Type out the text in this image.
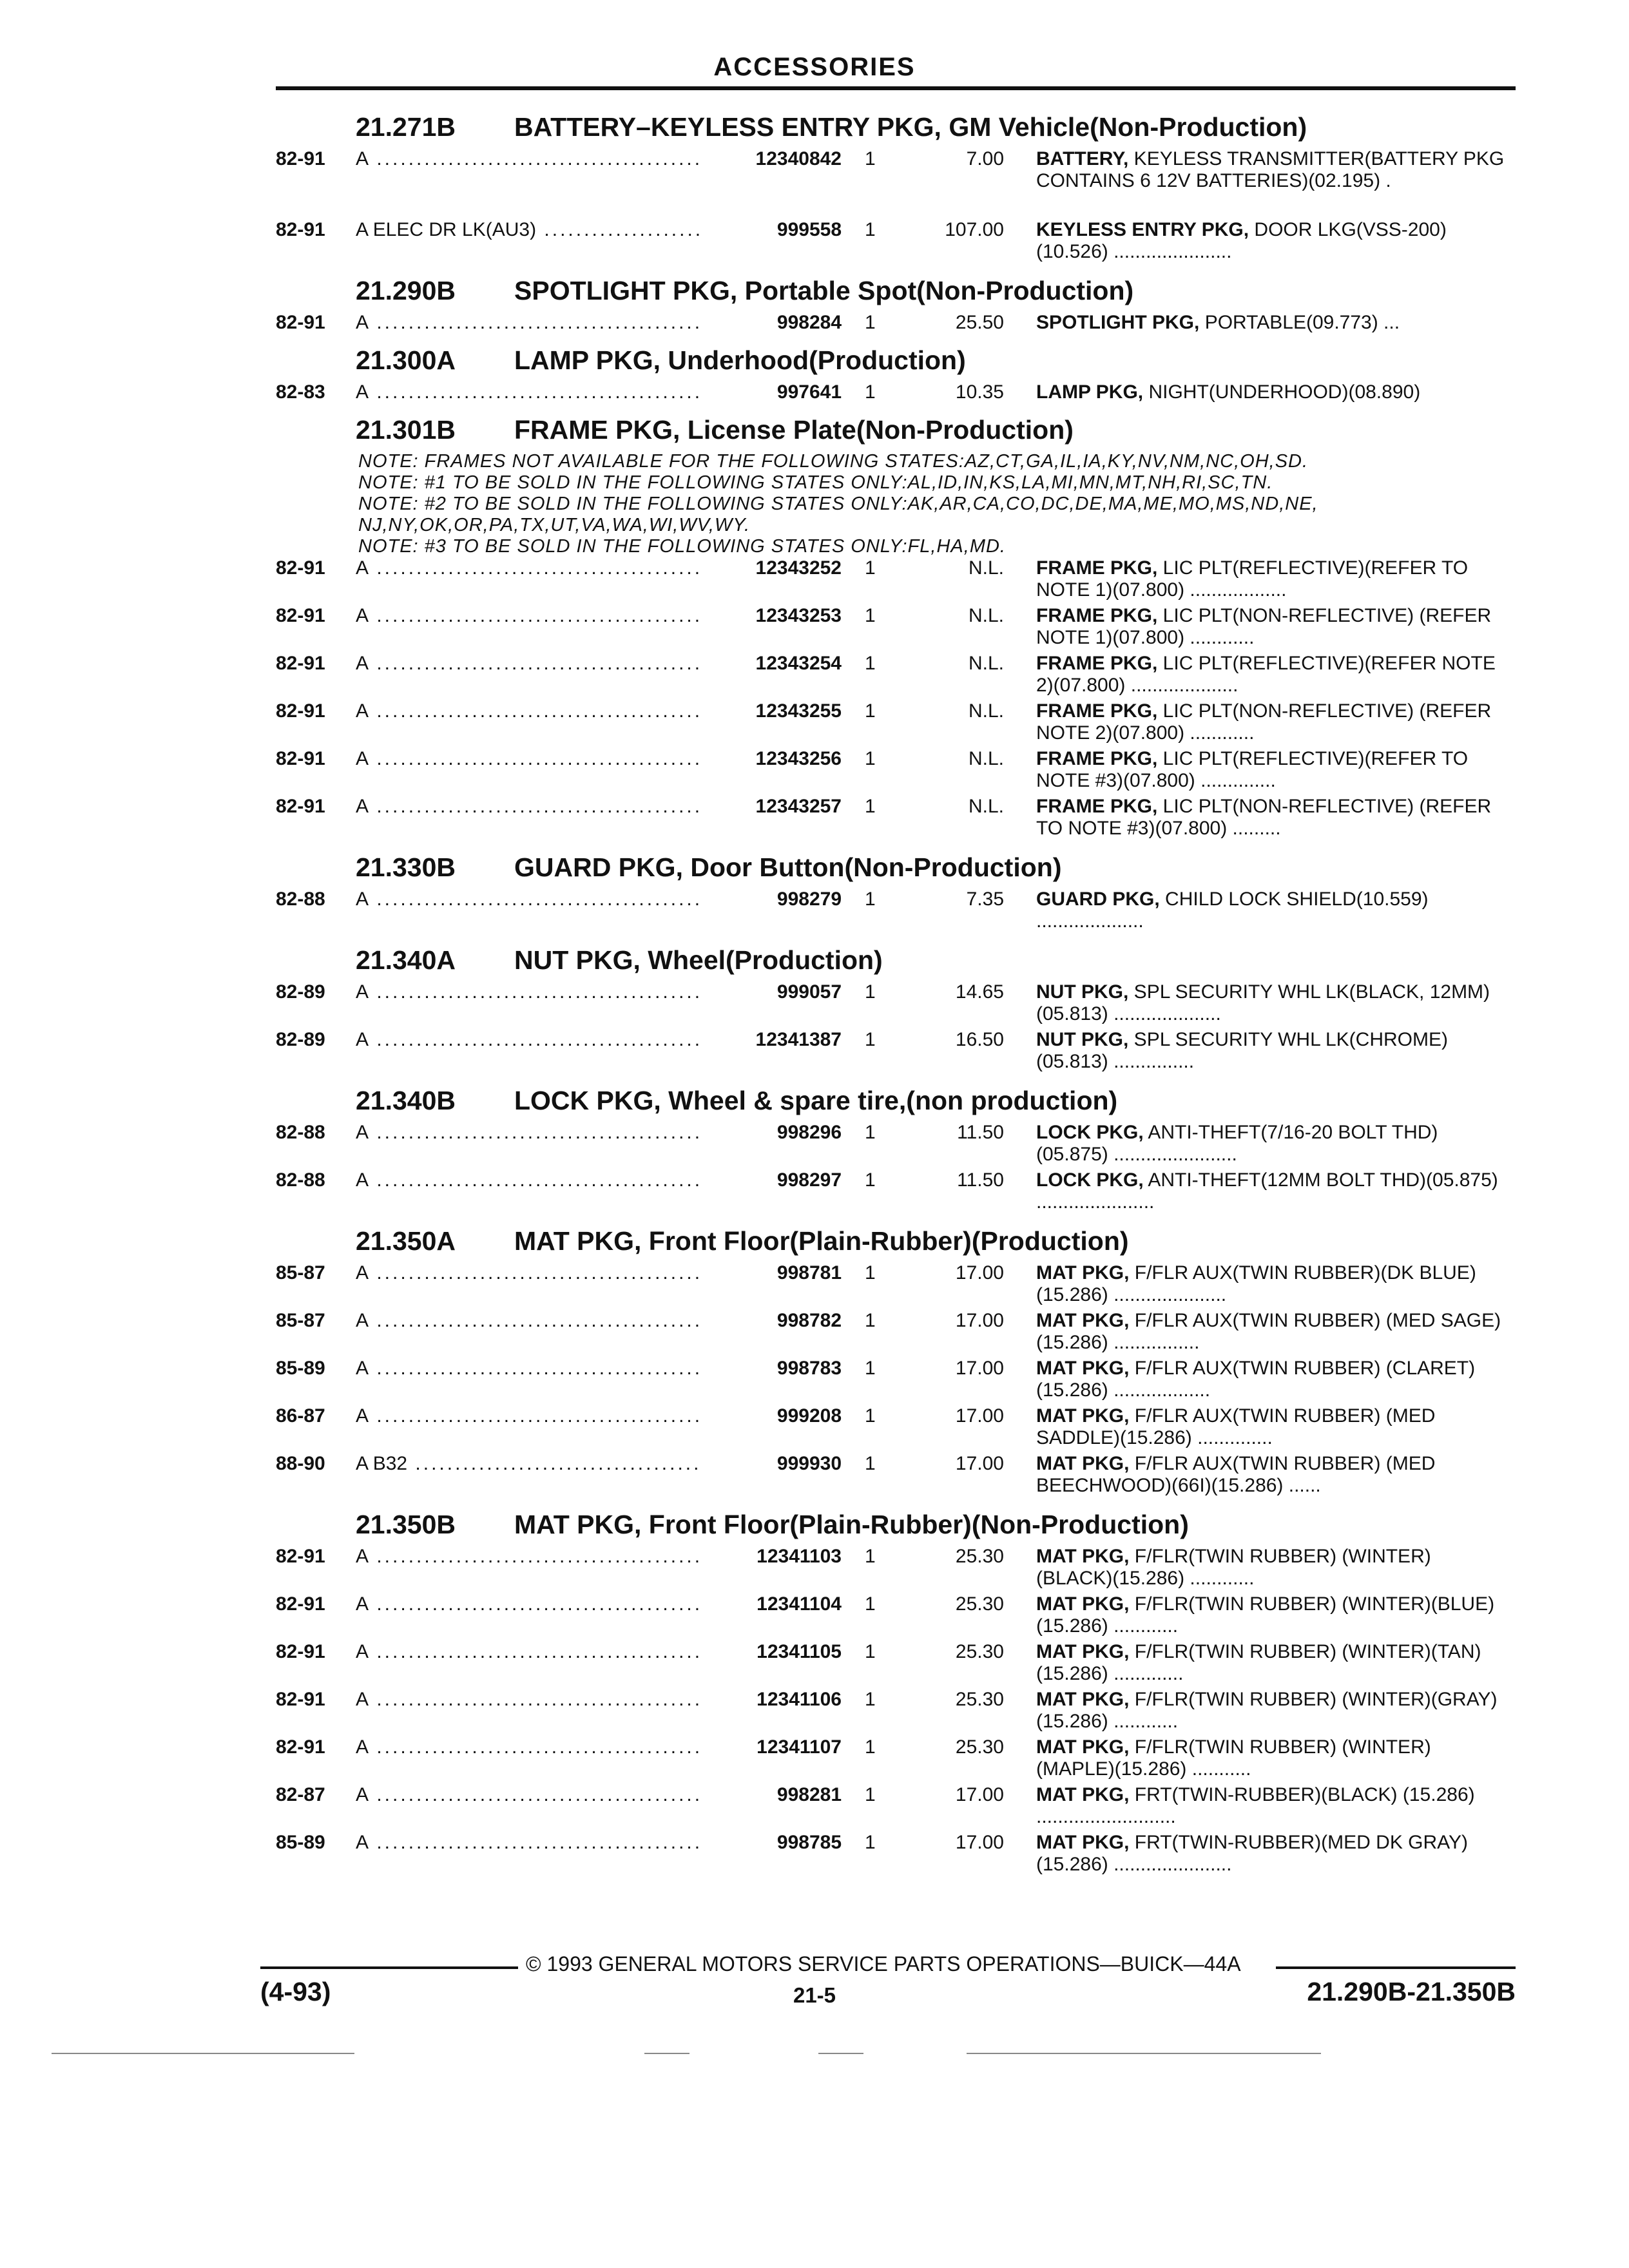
ACCESSORIES
21.271B BATTERY–KEYLESS ENTRY PKG, GM Vehicle(Non-Production)
82-91 A .....	12340842 1	7.00 BATTERY, KEYLESS TRANSMITTER(BATTERY PKG CONTAINS 6 12V BATTERIES)(02.195) .
82-91 A ELEC DR LK(AU3) .....	999558 1	107.00 KEYLESS ENTRY PKG, DOOR LKG(VSS-200)(10.526) ......................
21.290B SPOTLIGHT PKG, Portable Spot(Non-Production)
82-91 A .....	998284 1	25.50 SPOTLIGHT PKG, PORTABLE(09.773) ...
21.300A LAMP PKG, Underhood(Production)
82-83 A .....	997641 1	10.35 LAMP PKG, NIGHT(UNDERHOOD)(08.890)
21.301B FRAME PKG, License Plate(Non-Production)
NOTE: FRAMES NOT AVAILABLE FOR THE FOLLOWING STATES:AZ,CT,GA,IL,IA,KY,NV,NM,NC,OH,SD.
NOTE: #1 TO BE SOLD IN THE FOLLOWING STATES ONLY:AL,ID,IN,KS,LA,MI,MN,MT,NH,RI,SC,TN.
NOTE: #2 TO BE SOLD IN THE FOLLOWING STATES ONLY:AK,AR,CA,CO,DC,DE,MA,ME,MO,MS,ND,NE,
NJ,NY,OK,OR,PA,TX,UT,VA,WA,WI,WV,WY.
NOTE: #3 TO BE SOLD IN THE FOLLOWING STATES ONLY:FL,HA,MD.
82-91 A .....	12343252 1	N.L. FRAME PKG, LIC PLT(REFLECTIVE)(REFER TO NOTE 1)(07.800) ..................
82-91 A .....	12343253 1	N.L. FRAME PKG, LIC PLT(NON-REFLECTIVE) (REFER NOTE 1)(07.800) ............
82-91 A .....	12343254 1	N.L. FRAME PKG, LIC PLT(REFLECTIVE)(REFER NOTE 2)(07.800) ....................
82-91 A .....	12343255 1	N.L. FRAME PKG, LIC PLT(NON-REFLECTIVE) (REFER NOTE 2)(07.800) ............
82-91 A .....	12343256 1	N.L. FRAME PKG, LIC PLT(REFLECTIVE)(REFER TO NOTE #3)(07.800) ..............
82-91 A .....	12343257 1	N.L. FRAME PKG, LIC PLT(NON-REFLECTIVE) (REFER TO NOTE #3)(07.800) .........
21.330B GUARD PKG, Door Button(Non-Production)
82-88 A .....	998279 1	7.35 GUARD PKG, CHILD LOCK SHIELD(10.559) ....................
21.340A NUT PKG, Wheel(Production)
82-89 A .....	999057 1	14.65 NUT PKG, SPL SECURITY WHL LK(BLACK, 12MM)(05.813) ....................
82-89 A .....	12341387 1	16.50 NUT PKG, SPL SECURITY WHL LK(CHROME)(05.813) ...............
21.340B LOCK PKG, Wheel & spare tire,(non production)
82-88 A .....	998296 1	11.50 LOCK PKG, ANTI-THEFT(7/16-20 BOLT THD)(05.875) .......................
82-88 A .....	998297 1	11.50 LOCK PKG, ANTI-THEFT(12MM BOLT THD)(05.875) ......................
21.350A MAT PKG, Front Floor(Plain-Rubber)(Production)
85-87 A .....	998781 1	17.00 MAT PKG, F/FLR AUX(TWIN RUBBER)(DK BLUE)(15.286) .....................
85-87 A .....	998782 1	17.00 MAT PKG, F/FLR AUX(TWIN RUBBER) (MED SAGE)(15.286) ................
85-89 A .....	998783 1	17.00 MAT PKG, F/FLR AUX(TWIN RUBBER) (CLARET)(15.286) ..................
86-87 A .....	999208 1	17.00 MAT PKG, F/FLR AUX(TWIN RUBBER) (MED SADDLE)(15.286) ..............
88-90 A B32 .....	999930 1	17.00 MAT PKG, F/FLR AUX(TWIN RUBBER) (MED BEECHWOOD)(66I)(15.286) ......
21.350B MAT PKG, Front Floor(Plain-Rubber)(Non-Production)
82-91 A .....	12341103 1	25.30 MAT PKG, F/FLR(TWIN RUBBER) (WINTER)(BLACK)(15.286) ............
82-91 A .....	12341104 1	25.30 MAT PKG, F/FLR(TWIN RUBBER) (WINTER)(BLUE)(15.286) ............
82-91 A .....	12341105 1	25.30 MAT PKG, F/FLR(TWIN RUBBER) (WINTER)(TAN)(15.286) .............
82-91 A .....	12341106 1	25.30 MAT PKG, F/FLR(TWIN RUBBER) (WINTER)(GRAY)(15.286) ............
82-91 A .....	12341107 1	25.30 MAT PKG, F/FLR(TWIN RUBBER) (WINTER)(MAPLE)(15.286) ...........
82-87 A .....	998281 1	17.00 MAT PKG, FRT(TWIN-RUBBER)(BLACK) (15.286) ..........................
85-89 A .....	998785 1	17.00 MAT PKG, FRT(TWIN-RUBBER)(MED DK GRAY)(15.286) ......................
© 1993 GENERAL MOTORS SERVICE PARTS OPERATIONS—BUICK—44A
(4-93)	21-5	21.290B-21.350B
